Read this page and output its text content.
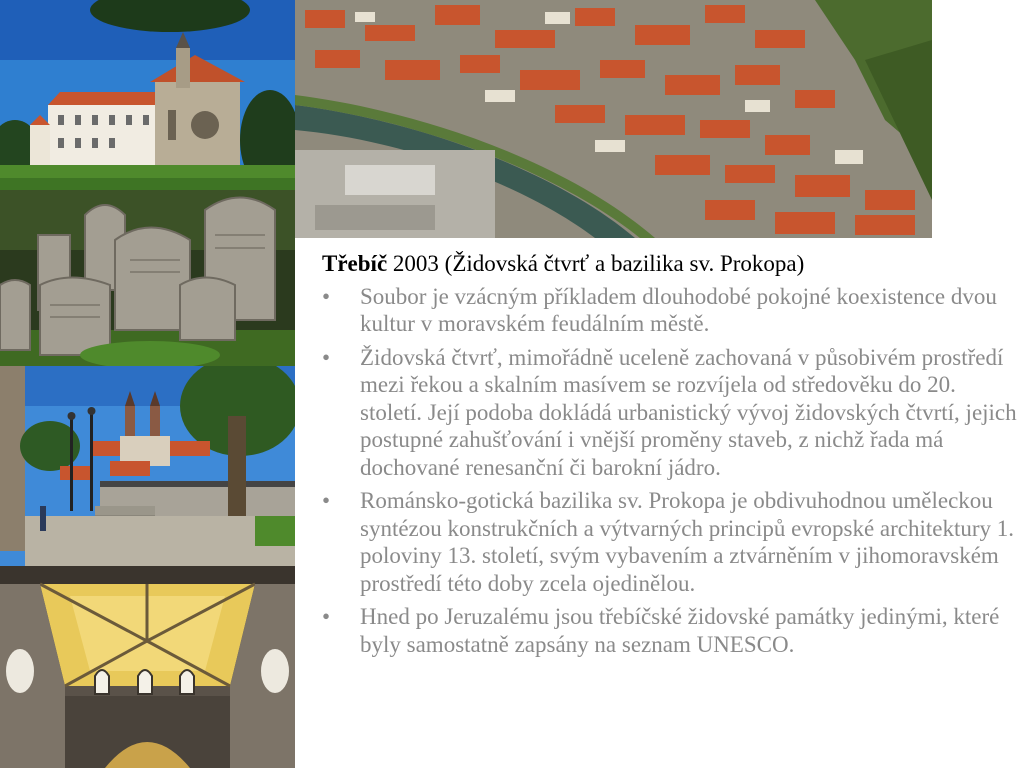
Třebíč 2003 (Židovská čtvrť a bazilika sv. Prokopa)

• Soubor je vzácným příkladem dlouhodobé pokojné koexistence dvou kultur v moravském feudálním městě.
• Židovská čtvrť, mimořádně uceleně zachovaná v působivém prostředí mezi řekou a skalním masívem se rozvíjela od středověku do 20. století. Její podoba dokládá urbanistický vývoj židovských čtvrtí, jejich postupné zahušťování i vnější proměny staveb, z nichž řada má dochované renesanční či barokní jádro.
• Románsko-gotická bazilika sv. Prokopa je obdivuhodnou uměleckou syntézou konstrukčních a výtvarných principů evropské architektury 1. poloviny 13. století, svým vybavením a ztvárněním v jihomoravském prostředí této doby zcela ojedinělou.
• Hned po Jeruzalému jsou třebíčské židovské památky jedinými, které byly samostatně zapsány na seznam UNESCO.
